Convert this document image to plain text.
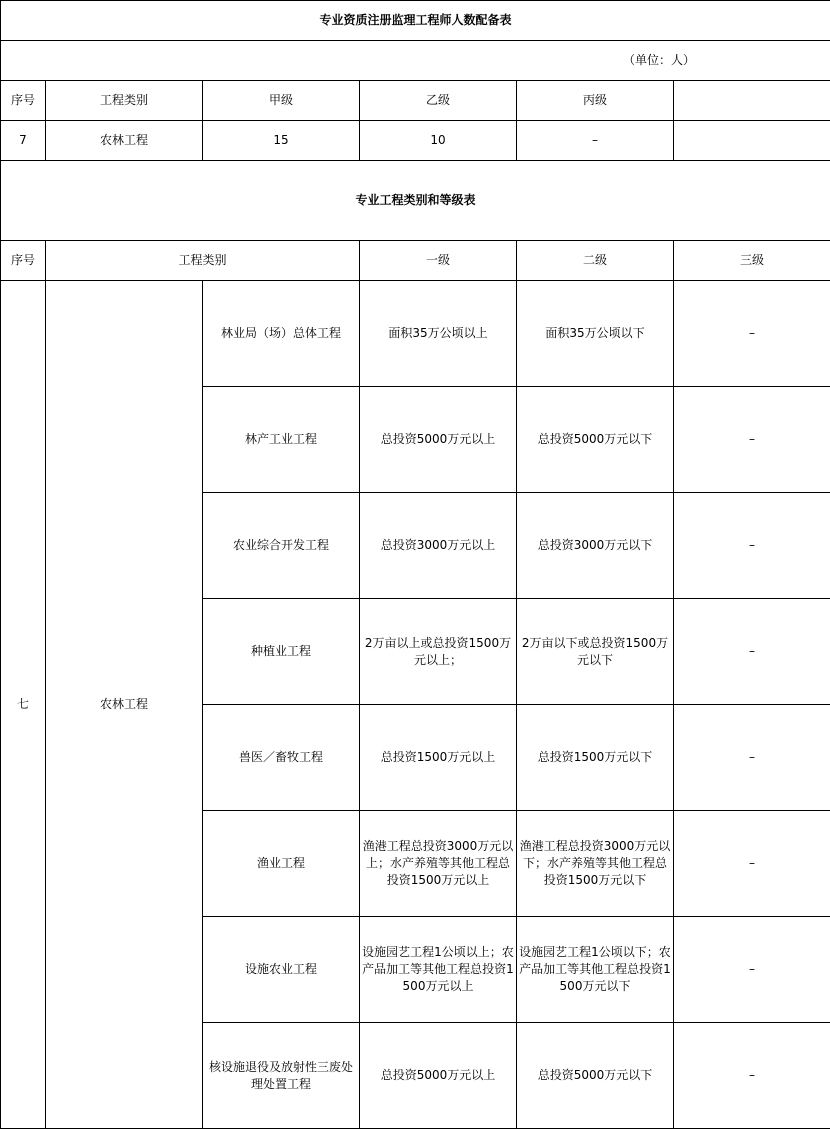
专业资质注册监理工程师人数配备表					
（单位：人）					
序号	工程类别	甲级	乙级	丙级	
7	农林工程	15	10	–	
专业工程类别和等级表					
序号	工程类别		一级	二级	三级
七	农林工程	林业局（场）总体工程	面积35万公顷以上	面积35万公顷以下	–
		林产工业工程	总投资5000万元以上	总投资5000万元以下	–
		农业综合开发工程	总投资3000万元以上	总投资3000万元以下	–
		种植业工程	2万亩以上或总投资1500万元以上；	2万亩以下或总投资1500万元以下	–
		兽医／畜牧工程	总投资1500万元以上	总投资1500万元以下	–
		渔业工程	渔港工程总投资3000万元以上；水产养殖等其他工程总投资1500万元以上	渔港工程总投资3000万元以下；水产养殖等其他工程总投资1500万元以下	–
		设施农业工程	设施园艺工程1公顷以上；农产品加工等其他工程总投资1500万元以上	设施园艺工程1公顷以下；农产品加工等其他工程总投资1500万元以下	–
		核设施退役及放射性三废处理处置工程	总投资5000万元以上	总投资5000万元以下	–
